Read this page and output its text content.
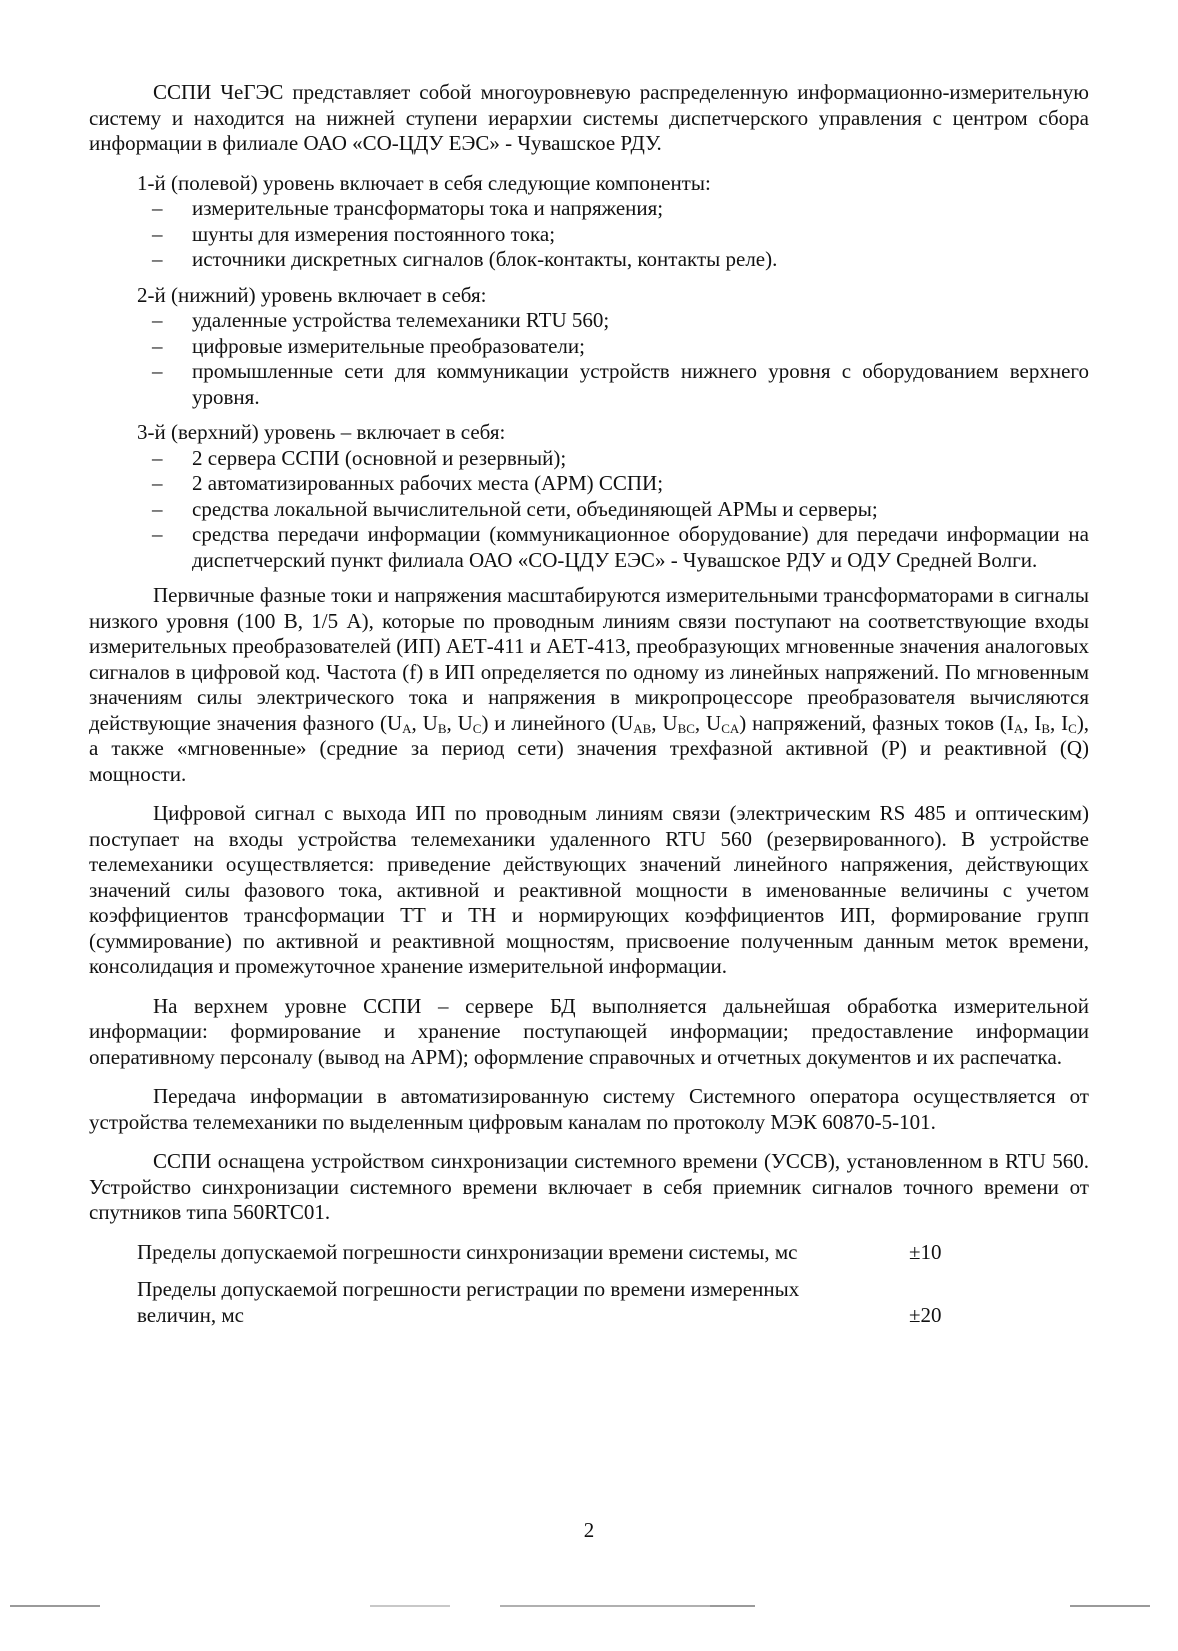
ССПИ ЧеГЭС представляет собой многоуровневую распределенную информационно-измерительную систему и находится на нижней ступени иерархии системы диспетчерского управления с центром сбора информации в филиале ОАО «СО-ЦДУ ЕЭС» - Чувашское РДУ.

1-й (полевой) уровень включает в себя следующие компоненты:

– измерительные трансформаторы тока и напряжения;
– шунты для измерения постоянного тока;
– источники дискретных сигналов (блок-контакты, контакты реле).

2-й (нижний) уровень включает в себя:

– удаленные устройства телемеханики RTU 560;
– цифровые измерительные преобразователи;
– промышленные сети для коммуникации устройств нижнего уровня с оборудованием верхнего уровня.

3-й (верхний) уровень – включает в себя:

– 2 сервера ССПИ (основной и резервный);
– 2 автоматизированных рабочих места (АРМ) ССПИ;
– средства локальной вычислительной сети, объединяющей АРМы и серверы;
– средства передачи информации (коммуникационное оборудование) для передачи информации на диспетчерский пункт филиала ОАО «СО-ЦДУ ЕЭС» - Чувашское РДУ и ОДУ Средней Волги.

Первичные фазные токи и напряжения масштабируются измерительными трансформаторами в сигналы низкого уровня (100 В, 1/5 А), которые по проводным линиям связи поступают на соответствующие входы измерительных преобразователей (ИП) АЕТ-411 и АЕТ-413, преобразующих мгновенные значения аналоговых сигналов в цифровой код. Частота (f) в ИП определяется по одному из линейных напряжений. По мгновенным значениям силы электрического тока и напряжения в микропроцессоре преобразователя вычисляются действующие значения фазного ($U_A$, $U_B$, $U_C$) и линейного ($U_{AB}$, $U_{BC}$, $U_{CA}$) напряжений, фазных токов ($I_A$, $I_B$, $I_C$), а также «мгновенные» (средние за период сети) значения трехфазной активной (P) и реактивной (Q) мощности.

Цифровой сигнал с выхода ИП по проводным линиям связи (электрическим RS 485 и оптическим) поступает на входы устройства телемеханики удаленного RTU 560 (резервированного). В устройстве телемеханики осуществляется: приведение действующих значений линейного напряжения, действующих значений силы фазового тока, активной и реактивной мощности в именованные величины с учетом коэффициентов трансформации ТТ и ТН и нормирующих коэффициентов ИП, формирование групп (суммирование) по активной и реактивной мощностям, присвоение полученным данным меток времени, консолидация и промежуточное хранение измерительной информации.

На верхнем уровне ССПИ – сервере БД выполняется дальнейшая обработка измерительной информации: формирование и хранение поступающей информации; предоставление информации оперативному персоналу (вывод на АРМ); оформление справочных и отчетных документов и их распечатка.

Передача информации в автоматизированную систему Системного оператора осуществляется от устройства телемеханики по выделенным цифровым каналам по протоколу МЭК 60870-5-101.

ССПИ оснащена устройством синхронизации системного времени (УССВ), установленном в RTU 560. Устройство синхронизации системного времени включает в себя приемник сигналов точного времени от спутников типа 560RTC01.

Пределы допускаемой погрешности синхронизации времени системы, мс	±10
Пределы допускаемой погрешности регистрации по времени измеренных величин, мс	±20
2
